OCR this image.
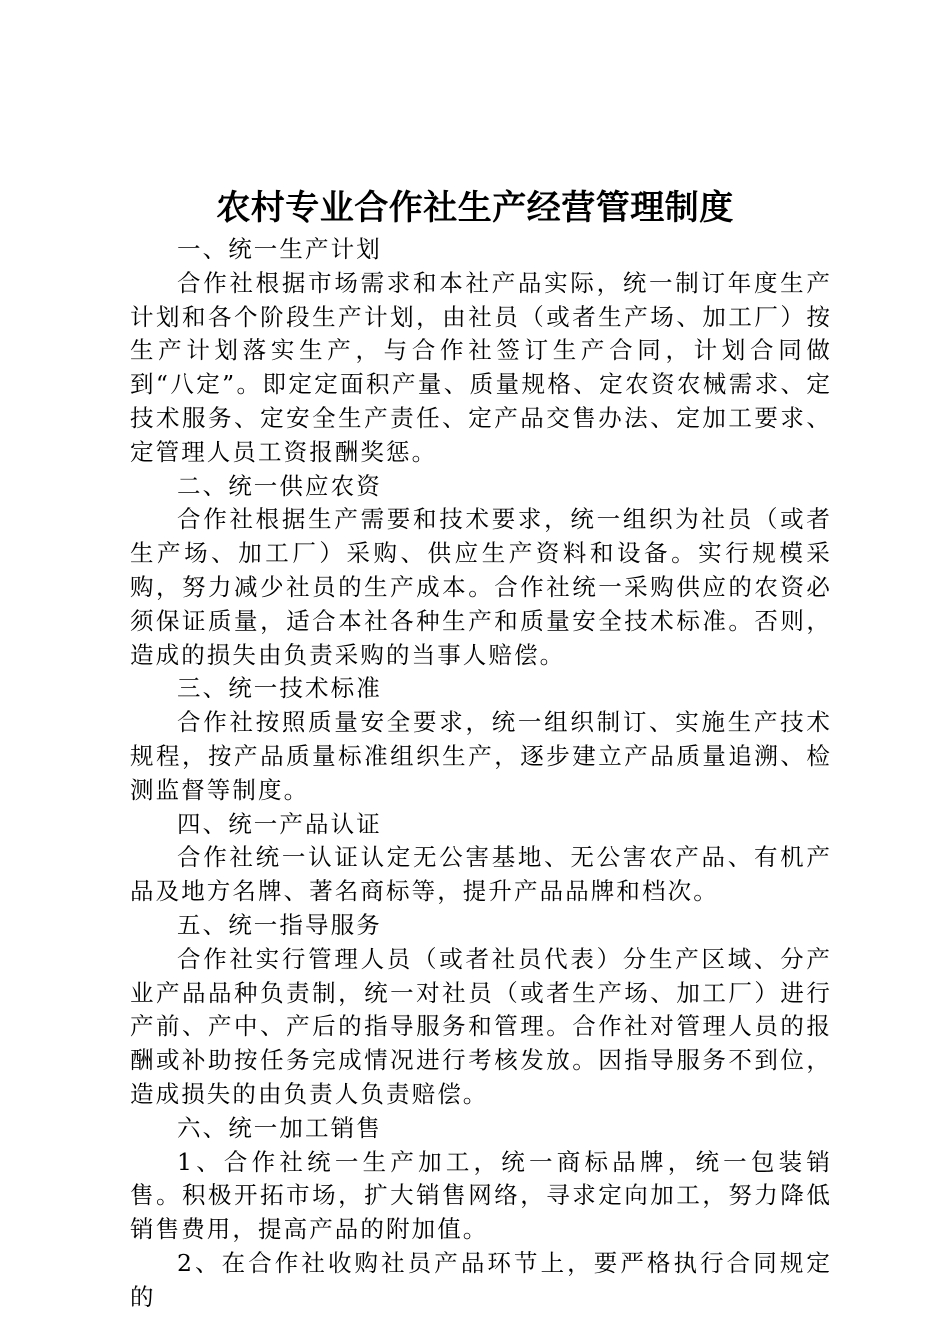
农村专业合作社生产经营管理制度

一、统一生产计划

合作社根据市场需求和本社产品实际，统一制订年度生产计划和各个阶段生产计划，由社员（或者生产场、加工厂）按生产计划落实生产，与合作社签订生产合同，计划合同做到“八定”。即定定面积产量、质量规格、定农资农械需求、定技术服务、定安全生产责任、定产品交售办法、定加工要求、定管理人员工资报酬奖惩。

二、统一供应农资

合作社根据生产需要和技术要求，统一组织为社员（或者生产场、加工厂）采购、供应生产资料和设备。实行规模采购，努力减少社员的生产成本。合作社统一采购供应的农资必须保证质量，适合本社各种生产和质量安全技术标准。否则，造成的损失由负责采购的当事人赔偿。

三、统一技术标准

合作社按照质量安全要求，统一组织制订、实施生产技术规程，按产品质量标准组织生产，逐步建立产品质量追溯、检测监督等制度。

四、统一产品认证

合作社统一认证认定无公害基地、无公害农产品、有机产品及地方名牌、著名商标等，提升产品品牌和档次。

五、统一指导服务

合作社实行管理人员（或者社员代表）分生产区域、分产业产品品种负责制，统一对社员（或者生产场、加工厂）进行产前、产中、产后的指导服务和管理。合作社对管理人员的报酬或补助按任务完成情况进行考核发放。因指导服务不到位，造成损失的由负责人负责赔偿。

六、统一加工销售

1、合作社统一生产加工，统一商标品牌，统一包装销售。积极开拓市场，扩大销售网络，寻求定向加工，努力降低销售费用，提高产品的附加值。

2、在合作社收购社员产品环节上，要严格执行合同规定的
